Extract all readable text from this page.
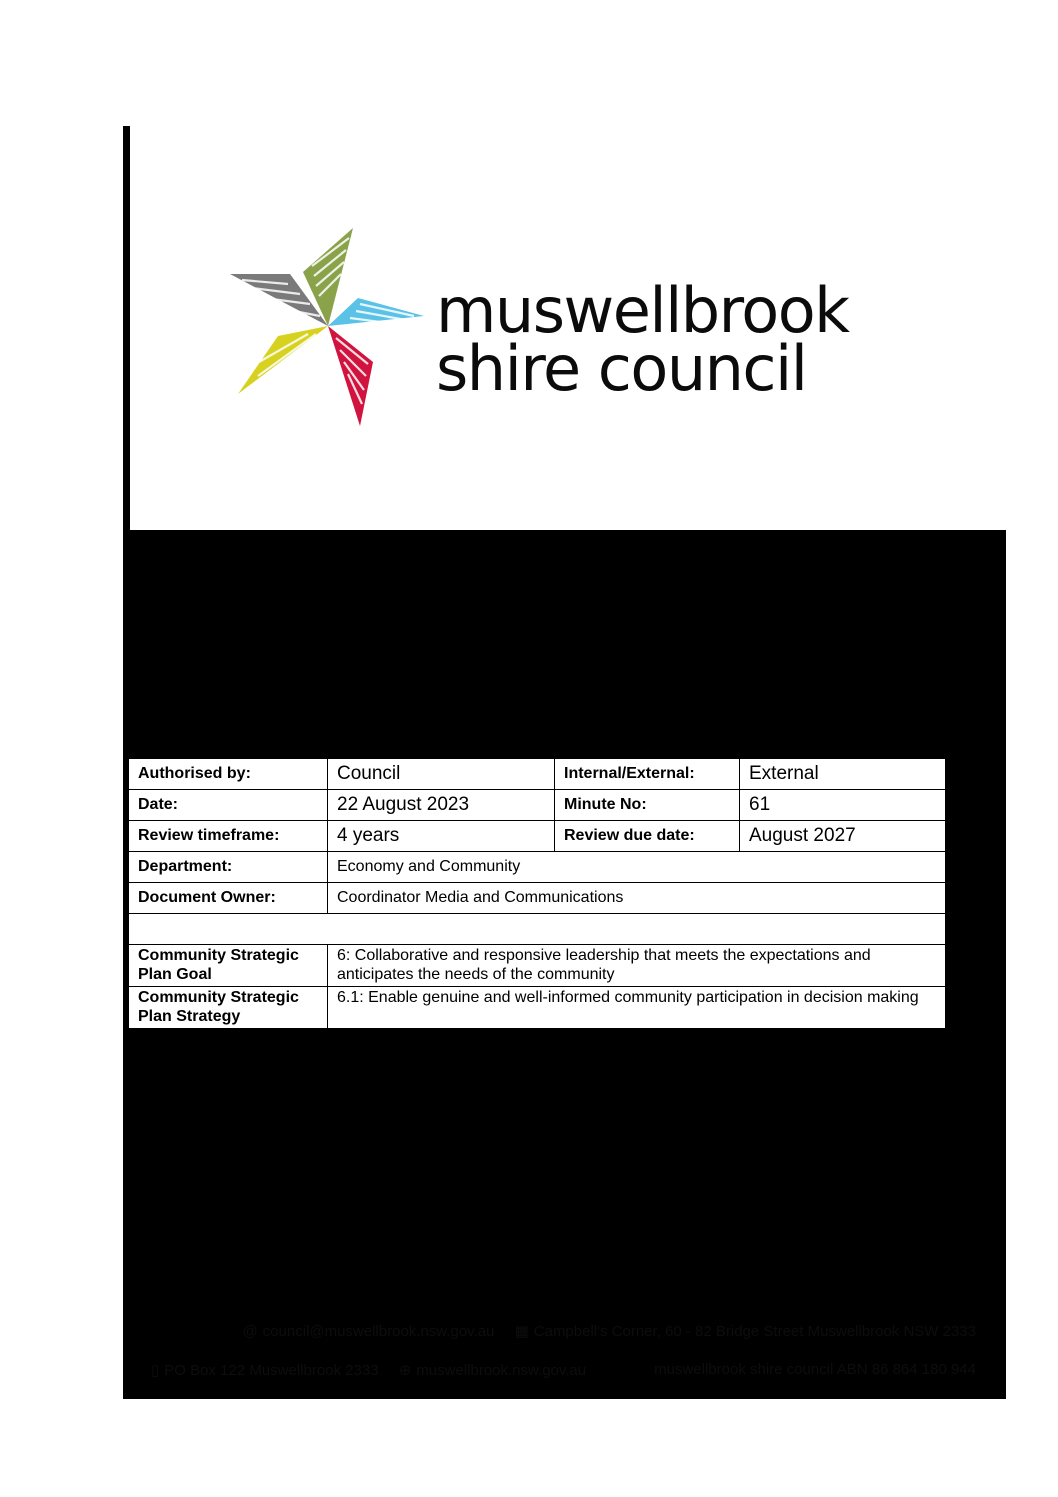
muswellbrook
shire council
Authorised by:	Council	Internal/External:	External
Date:	22 August 2023	Minute No:	61
Review timeframe:	4 years	Review due date:	August 2027
Department:	Economy and Community		
Document Owner:	Coordinator Media and Communications		

Community Strategic Plan Goal	6: Collaborative and responsive leadership that meets the expectations and anticipates the needs of the community		
Community Strategic Plan Strategy	6.1: Enable genuine and well-informed community participation in decision making		
@ council@muswellbrook.nsw.gov.au ▦ Campbell's Corner, 60 - 82 Bridge Street Muswellbrook NSW 2333
▯ PO Box 122 Muswellbrook 2333 ⊕ muswellbrook.nsw.gov.au	muswellbrook shire council ABN 86 864 180 944
